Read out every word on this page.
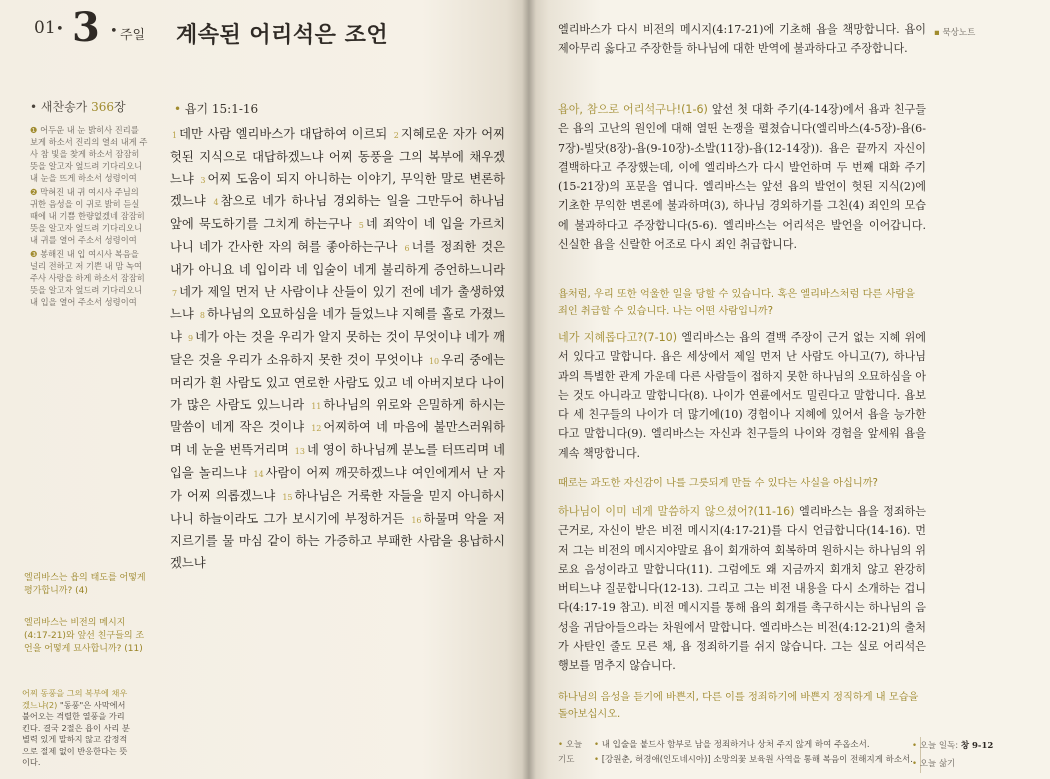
01 • 3 • 주일 계속된 어리석은 조언
• 새찬송가 366장

❶ 어두운 내 눈 밝히사 진리를 보게 하소서 진리의 열쇠 내게 주사 참 빛을 찾게 하소서 잠잠히 뜻을 알고자 엎드려 기다리오니 내 눈을 뜨게 하소서 성령이여

❷ 막혀진 내 귀 여시사 주님의 귀한 음성을 이 귀로 밝히 듣실 때에 내 기쁨 한량없겠네 잠잠히 뜻을 알고자 엎드려 기다리오니 내 귀를 열어 주소서 성령이여

❸ 봉해진 내 입 여시사 복음을 널리 전하고 저 기쁜 내 맘 녹여 주사 사랑을 하게 하소서 잠잠히 뜻을 알고자 엎드려 기다리오니 내 입을 열어 주소서 성령이여

• 욥기 15:1-16
1 데만 사람 엘리바스가 대답하여 이르되 2 지혜로운 자가 어찌 헛된 지식으로 대답하겠느냐 어찌 동풍을 그의 복부에 채우겠느냐 3 어찌 도움이 되지 아니하는 이야기, 무익한 말로 변론하겠느냐 4 참으로 네가 하나님 경외하는 일을 그만두어 하나님 앞에 묵도하기를 그치게 하는구나 5 네 죄악이 네 입을 가르치나니 네가 간사한 자의 혀를 좋아하는구나 6 너를 정죄한 것은 내가 아니요 네 입이라 네 입술이 네게 불리하게 증언하느니라 7 네가 제일 먼저 난 사람이냐 산들이 있기 전에 네가 출생하였느냐 8 하나님의 오묘하심을 네가 들었느냐 지혜를 홀로 가졌느냐 9 네가 아는 것을 우리가 알지 못하는 것이 무엇이냐 네가 깨달은 것을 우리가 소유하지 못한 것이 무엇이냐 10 우리 중에는 머리가 흰 사람도 있고 연로한 사람도 있고 네 아버지보다 나이가 많은 사람도 있느니라 11 하나님의 위로와 은밀하게 하시는 말씀이 네게 작은 것이냐 12 어찌하여 네 마음에 불만스러워하며 네 눈을 번뜩거리며 13 네 영이 하나님께 분노를 터뜨리며 네 입을 놀리느냐 14 사람이 어찌 깨끗하겠느냐 여인에게서 난 자가 어찌 의롭겠느냐 15 하나님은 거룩한 자들을 믿지 아니하시나니 하늘이라도 그가 보시기에 부정하거든 16 하물며 악을 저지르기를 물 마심 같이 하는 가증하고 부패한 사람을 용납하시겠느냐
엘리바스는 욥의 태도를 어떻게 평가합니까? (4)
엘리바스는 비전의 메시지 (4:17-21)와 앞선 친구들의 조언을 어떻게 묘사합니까? (11)
어찌 동풍을 그의 복부에 채우겠느냐(2) "동풍"은 사막에서 불어오는 격렬한 열풍을 가리킨다. 결국 2절은 욥이 사리 분별력 있게 말하지 않고 감정적으로 절제 없이 반응한다는 뜻이다.
엘리바스가 다시 비전의 메시지(4:17-21)에 기초해 욥을 책망합니다. 욥이 제아무리 옳다고 주장한들 하나님에 대한 반역에 불과하다고 주장합니다.
욥아, 참으로 어리석구나!(1-6) 앞선 첫 대화 주기(4-14장)에서 욥과 친구들은 욥의 고난의 원인에 대해 열띤 논쟁을 펼쳤습니다(엘리바스(4-5장)-욥(6-7장)-빌닷(8장)-욥(9-10장)-소발(11장)-욥(12-14장)). 욥은 끝까지 자신이 결백하다고 주장했는데, 이에 엘리바스가 다시 발언하며 두 번째 대화 주기(15-21장)의 포문을 엽니다. 엘리바스는 앞선 욥의 발언이 헛된 지식(2)에 기초한 무익한 변론에 불과하며(3), 하나님 경외하기를 그친(4) 죄인의 모습에 불과하다고 주장합니다(5-6). 엘리바스는 어리석은 발언을 이어갑니다. 신실한 욥을 신랄한 어조로 다시 죄인 취급합니다.
욥처럼, 우리 또한 억울한 일을 당할 수 있습니다. 혹은 엘리바스처럼 다른 사람을 죄인 취급할 수 있습니다. 나는 어떤 사람입니까?
네가 지혜롭다고?(7-10) 엘리바스는 욥의 결백 주장이 근거 없는 지혜 위에 서 있다고 말합니다. 욥은 세상에서 제일 먼저 난 사람도 아니고(7), 하나님과의 특별한 관계 가운데 다른 사람들이 접하지 못한 하나님의 오묘하심을 아는 것도 아니라고 말합니다(8). 나이가 연륜에서도 밀린다고 말합니다. 욥보다 세 친구들의 나이가 더 많기에(10) 경험이나 지혜에 있어서 욥을 능가한다고 말합니다(9). 엘리바스는 자신과 친구들의 나이와 경험을 앞세워 욥을 계속 책망합니다.
때로는 과도한 자신감이 나를 그릇되게 만들 수 있다는 사실을 아십니까?
하나님이 이미 네게 말씀하지 않으셨어?(11-16) 엘리바스는 욥을 정죄하는 근거로, 자신이 받은 비전 메시지(4:17-21)를 다시 언급합니다(14-16). 먼저 그는 비전의 메시지야말로 욥이 회개하여 회복하며 원하시는 하나님의 위로요 음성이라고 말합니다(11). 그럼에도 왜 지금까지 회개치 않고 완강히 버티느냐 질문합니다(12-13). 그리고 그는 비전 내용을 다시 소개하는 겁니다(4:17-19 참고). 비전 메시지를 통해 욥의 회개를 촉구하시는 하나님의 음성을 귀담아들으라는 차원에서 말합니다. 엘리바스는 비전(4:12-21)의 출처가 사탄인 줄도 모른 채, 욥 정죄하기를 쉬지 않습니다. 그는 실로 어리석은 행보를 멈추지 않습니다.
하나님의 음성을 듣기에 바쁜지, 다른 이를 정죄하기에 바쁜지 정직하게 내 모습을 돌아보십시오.
• 오늘 기도
• 내 입술을 붙드사 함부로 남을 정죄하거나 상처 주지 않게 하여 주옵소서.
• [강원춘, 허경애(인도네시아)] 소망의꽃 보육원 사역을 통해 복음이 전해지게 하소서.
▪ 묵상노트
• 오늘 일독: 창 9-12
• 오늘 삶기
